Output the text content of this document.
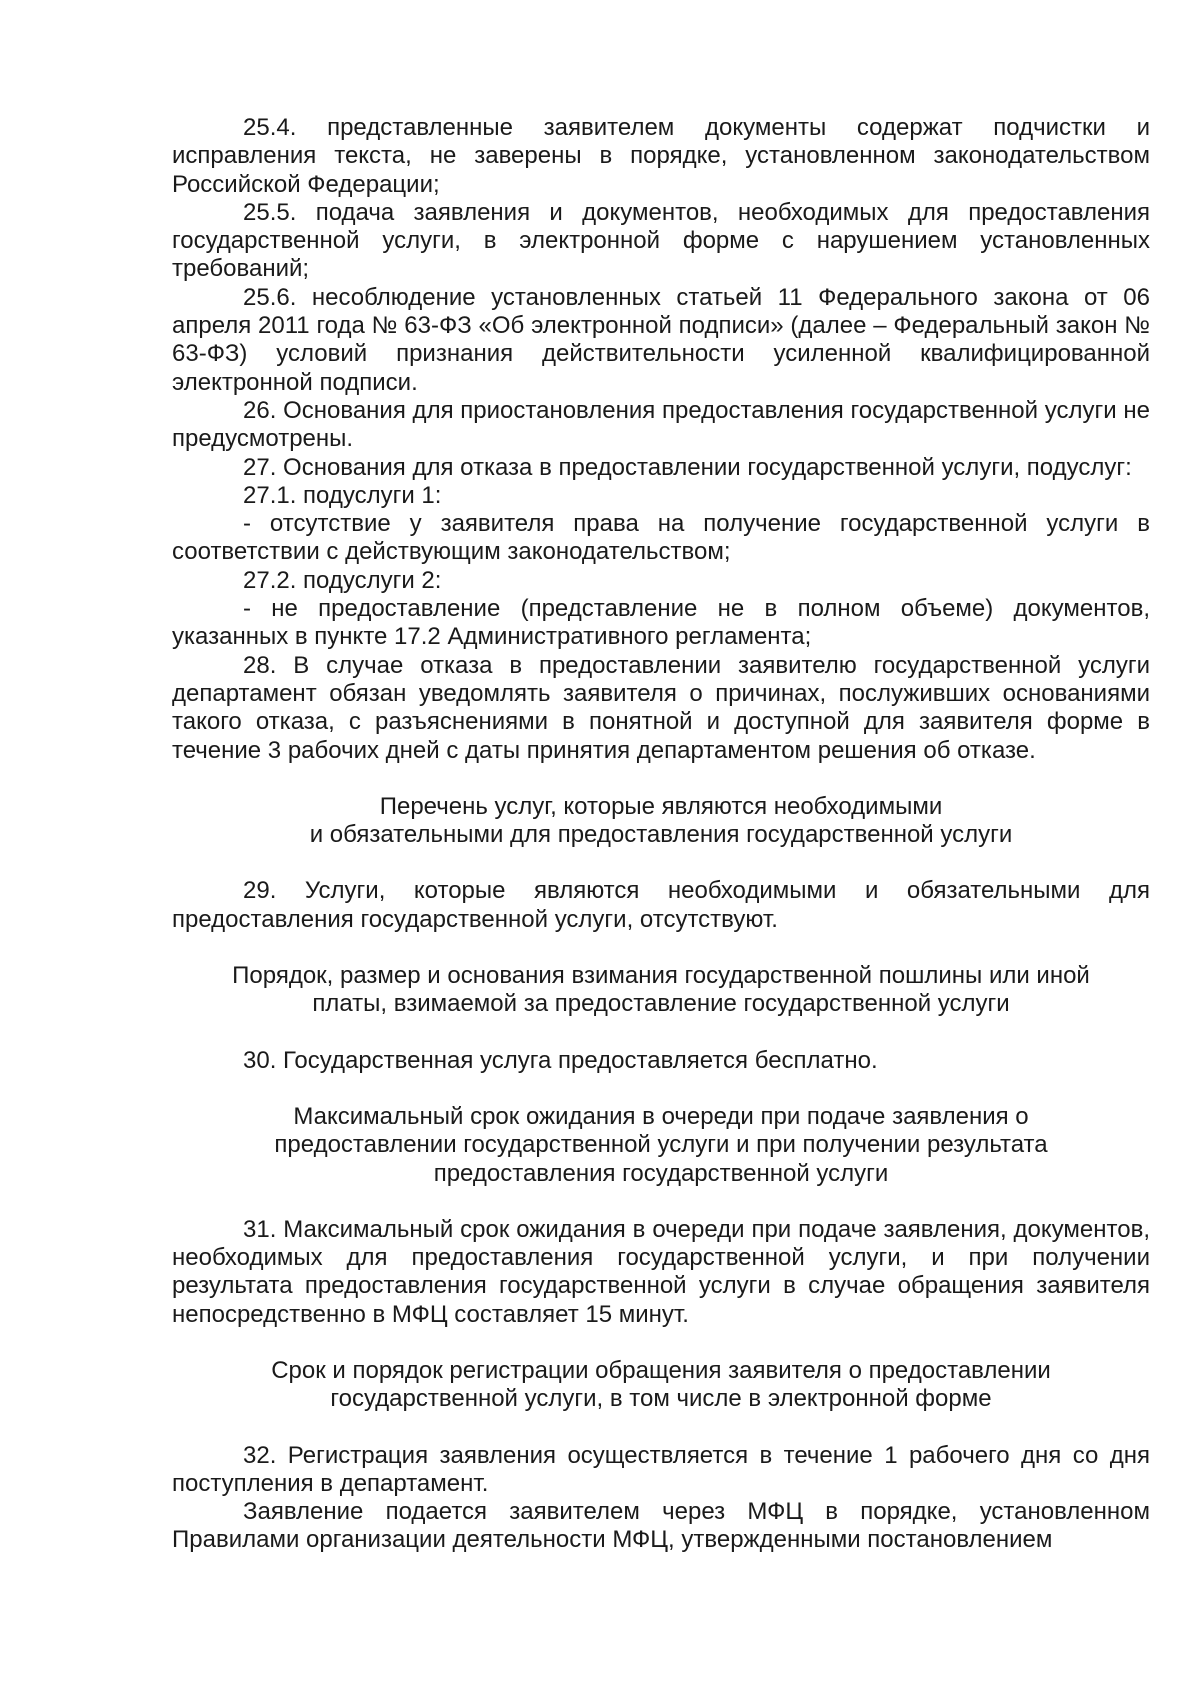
25.4. представленные заявителем документы содержат подчистки и исправления текста, не заверены в порядке, установленном законодательством Российской Федерации;

25.5. подача заявления и документов, необходимых для предоставления государственной услуги, в электронной форме с нарушением установленных требований;

25.6. несоблюдение установленных статьей 11 Федерального закона от 06 апреля 2011 года № 63-ФЗ «Об электронной подписи» (далее – Федеральный закон № 63-ФЗ) условий признания действительности усиленной квалифицированной электронной подписи.

26. Основания для приостановления предоставления государственной услуги не предусмотрены.

27. Основания для отказа в предоставлении государственной услуги, подуслуг:

27.1. подуслуги 1:

- отсутствие у заявителя права на получение государственной услуги в соответствии с действующим законодательством;

27.2. подуслуги 2:

- не предоставление (представление не в полном объеме) документов, указанных в пункте 17.2 Административного регламента;

28. В случае отказа в предоставлении заявителю государственной услуги департамент обязан уведомлять заявителя о причинах, послуживших основаниями такого отказа, с разъяснениями в понятной и доступной для заявителя форме в течение 3 рабочих дней с даты принятия департаментом решения об отказе.

Перечень услуг, которые являются необходимыми
и обязательными для предоставления государственной услуги

29. Услуги, которые являются необходимыми и обязательными для предоставления государственной услуги, отсутствуют.

Порядок, размер и основания взимания государственной пошлины или иной
платы, взимаемой за предоставление государственной услуги

30. Государственная услуга предоставляется бесплатно.

Максимальный срок ожидания в очереди при подаче заявления о
предоставлении государственной услуги и при получении результата
предоставления государственной услуги

31. Максимальный срок ожидания в очереди при подаче заявления, документов, необходимых для предоставления государственной услуги, и при получении результата предоставления государственной услуги в случае обращения заявителя непосредственно в МФЦ составляет 15 минут.

Срок и порядок регистрации обращения заявителя о предоставлении
государственной услуги, в том числе в электронной форме

32. Регистрация заявления осуществляется в течение 1 рабочего дня со дня поступления в департамент.

Заявление подается заявителем через МФЦ в порядке, установленном Правилами организации деятельности МФЦ, утвержденными постановлением
